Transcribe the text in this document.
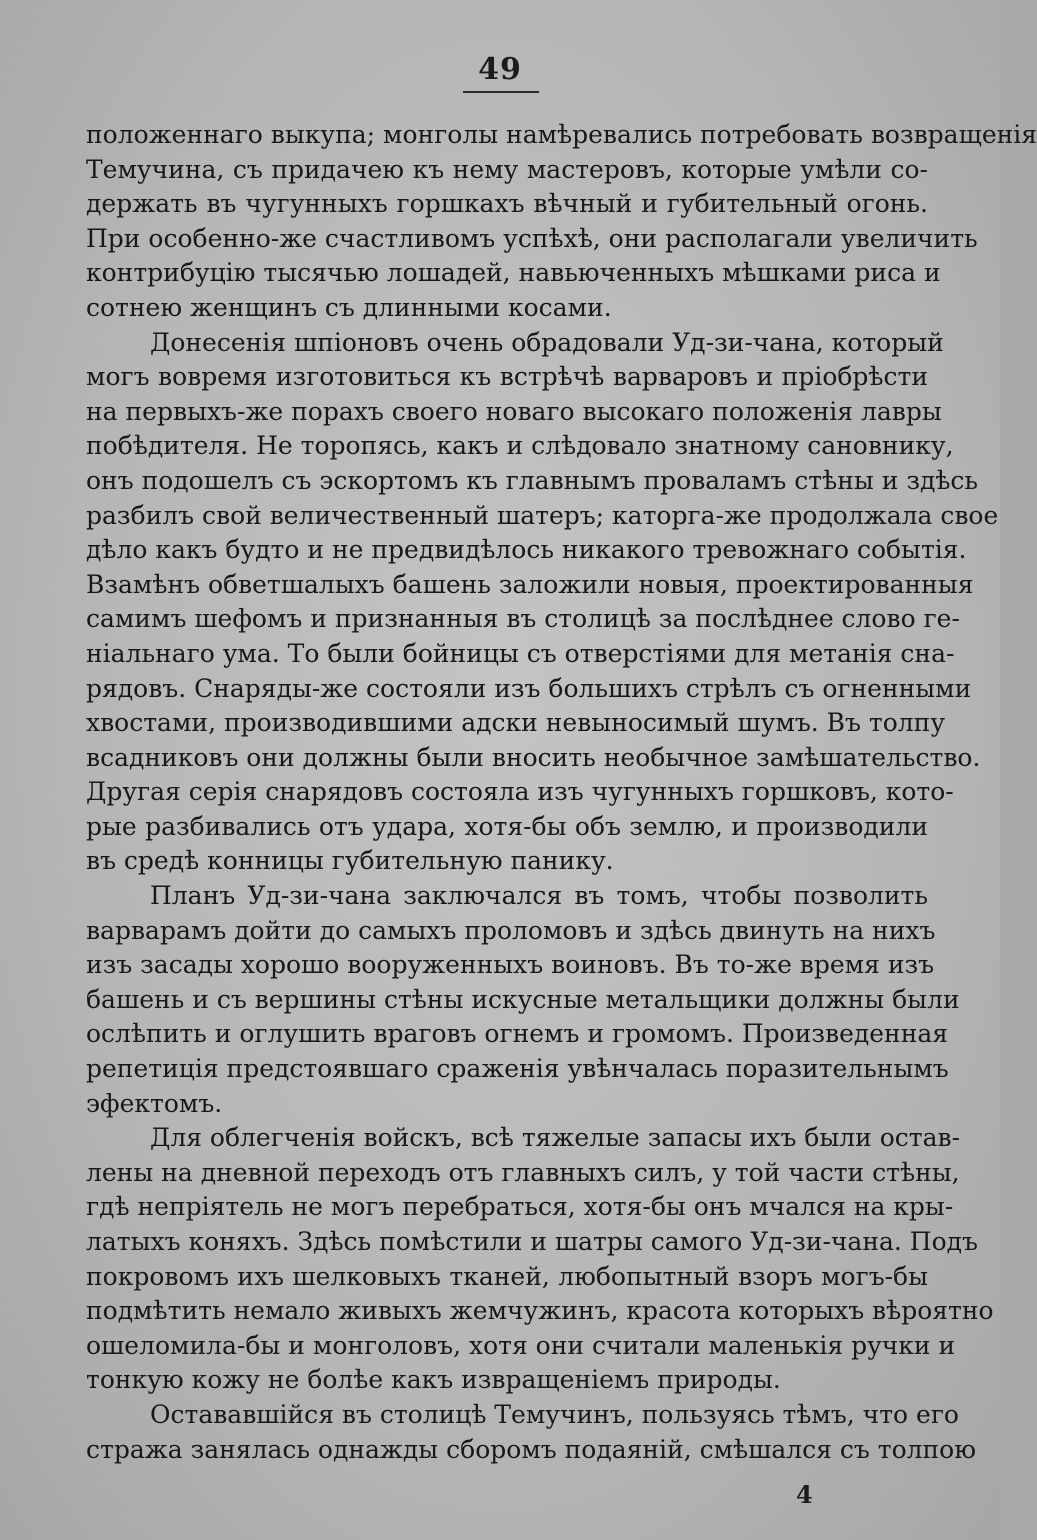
49
положеннаго выкупа; монголы намѣревались потребовать возвращенія
Темучина, съ придачею къ нему мастеровъ, которые умѣли со-
держать въ чугунныхъ горшкахъ вѣчный и губительный огонь.
При особенно-же счастливомъ успѣхѣ, они располагали увеличить
контрибуцію тысячью лошадей, навьюченныхъ мѣшками риса и
сотнею женщинъ съ длинными косами.
Донесенія шпіоновъ очень обрадовали Уд-зи-чана, который
могъ вовремя изготовиться къ встрѣчѣ варваровъ и пріобрѣсти
на первыхъ-же порахъ своего новаго высокаго положенія лавры
побѣдителя. Не торопясь, какъ и слѣдовало знатному сановнику,
онъ подошелъ съ эскортомъ къ главнымъ проваламъ стѣны и здѣсь
разбилъ свой величественный шатеръ; каторга-же продолжала свое
дѣло какъ будто и не предвидѣлось никакого тревожнаго событія.
Взамѣнъ обветшалыхъ башень заложили новыя, проектированныя
самимъ шефомъ и признанныя въ столицѣ за послѣднее слово ге-
ніальнаго ума. То были бойницы съ отверстіями для метанія сна-
рядовъ. Снаряды-же состояли изъ большихъ стрѣлъ съ огненными
хвостами, производившими адски невыносимый шумъ. Въ толпу
всадниковъ они должны были вносить необычное замѣшательство.
Другая серія снарядовъ состояла изъ чугунныхъ горшковъ, кото-
рые разбивались отъ удара, хотя-бы объ землю, и производили
въ средѣ конницы губительную панику.
Планъ Уд-зи-чана заключался въ томъ, чтобы позволить
варварамъ дойти до самыхъ проломовъ и здѣсь двинуть на нихъ
изъ засады хорошо вооруженныхъ воиновъ. Въ то-же время изъ
башень и съ вершины стѣны искусные метальщики должны были
ослѣпить и оглушить враговъ огнемъ и громомъ. Произведенная
репетиція предстоявшаго сраженія увѣнчалась поразительнымъ
эфектомъ.
Для облегченія войскъ, всѣ тяжелые запасы ихъ были остав-
лены на дневной переходъ отъ главныхъ силъ, у той части стѣны,
гдѣ непріятель не могъ перебраться, хотя-бы онъ мчался на кры-
латыхъ коняхъ. Здѣсь помѣстили и шатры самого Уд-зи-чана. Подъ
покровомъ ихъ шелковыхъ тканей, любопытный взоръ могъ-бы
подмѣтить немало живыхъ жемчужинъ, красота которыхъ вѣроятно
ошеломила-бы и монголовъ, хотя они считали маленькія ручки и
тонкую кожу не болѣе какъ извращеніемъ природы.
Остававшійся въ столицѣ Темучинъ, пользуясь тѣмъ, что его
стража занялась однажды сборомъ подаяній, смѣшался съ толпою
4
